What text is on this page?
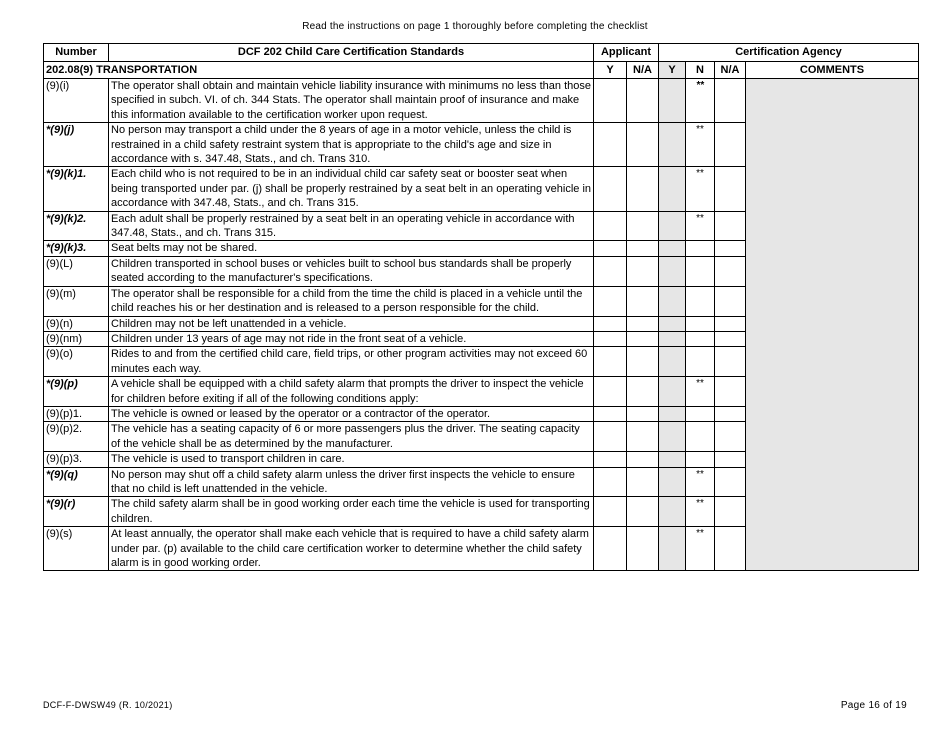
Read the instructions on page 1 thoroughly before completing the checklist
Number	DCF 202 Child Care Certification Standards	Applicant		Certification Agency			
202.08(9) TRANSPORTATION		Y	N/A	Y	N	N/A	COMMENTS
(9)(i)	The operator shall obtain and maintain vehicle liability insurance with minimums no less than those specified in subch. VI. of ch. 344 Stats. The operator shall maintain proof of insurance and make this information available to the certification worker upon request.				**		
*(9)(j)	No person may transport a child under the 8 years of age in a motor vehicle, unless the child is restrained in a child safety restraint system that is appropriate to the child's age and size in accordance with s. 347.48, Stats., and ch. Trans 310.				**		
*(9)(k)1.	Each child who is not required to be in an individual child car safety seat or booster seat when being transported under par. (j) shall be properly restrained by a seat belt in an operating vehicle in accordance with 347.48, Stats., and ch. Trans 315.				**		
*(9)(k)2.	Each adult shall be properly restrained by a seat belt in an operating vehicle in accordance with 347.48, Stats., and ch. Trans 315.				**		
*(9)(k)3.	Seat belts may not be shared.						
(9)(L)	Children transported in school buses or vehicles built to school bus standards shall be properly seated according to the manufacturer's specifications.						
(9)(m)	The operator shall be responsible for a child from the time the child is placed in a vehicle until the child reaches his or her destination and is released to a person responsible for the child.						
(9)(n)	Children may not be left unattended in a vehicle.						
(9)(nm)	Children under 13 years of age may not ride in the front seat of a vehicle.						
(9)(o)	Rides to and from the certified child care, field trips, or other program activities may not exceed 60 minutes each way.						
*(9)(p)	A vehicle shall be equipped with a child safety alarm that prompts the driver to inspect the vehicle for children before exiting if all of the following conditions apply:				**		
(9)(p)1.	The vehicle is owned or leased by the operator or a contractor of the operator.						
(9)(p)2.	The vehicle has a seating capacity of 6 or more passengers plus the driver. The seating capacity of the vehicle shall be as determined by the manufacturer.						
(9)(p)3.	The vehicle is used to transport children in care.						
*(9)(q)	No person may shut off a child safety alarm unless the driver first inspects the vehicle to ensure that no child is left unattended in the vehicle.				**		
*(9)(r)	The child safety alarm shall be in good working order each time the vehicle is used for transporting children.				**		
(9)(s)	At least annually, the operator shall make each vehicle that is required to have a child safety alarm under par. (p) available to the child care certification worker to determine whether the child safety alarm is in good working order.				**		
DCF-F-DWSW49 (R. 10/2021)	Page 16 of 19
